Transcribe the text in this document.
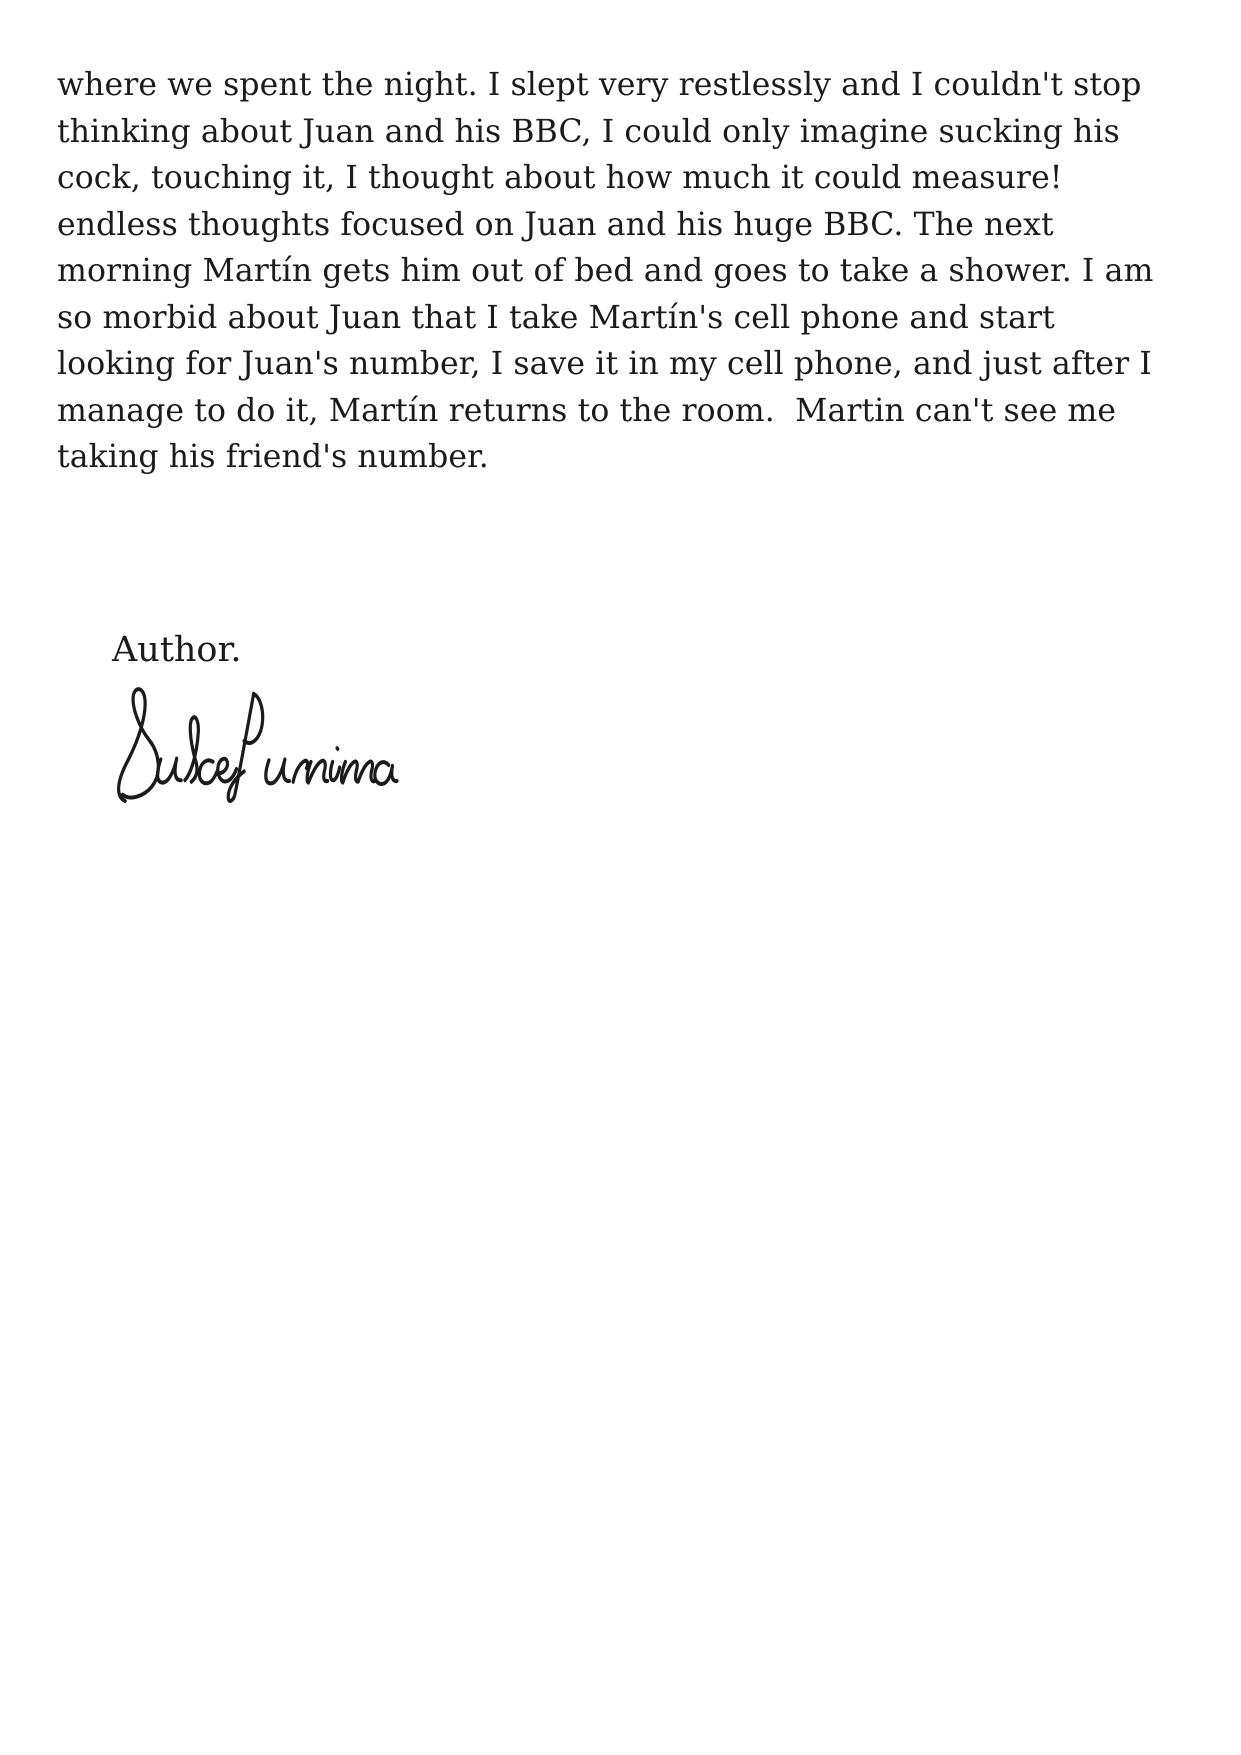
where we spent the night. I slept very restlessly and I couldn't stop
thinking about Juan and his BBC, I could only imagine sucking his
cock, touching it, I thought about how much it could measure!
endless thoughts focused on Juan and his huge BBC. The next
morning Martín gets him out of bed and goes to take a shower. I am
so morbid about Juan that I take Martín's cell phone and start
looking for Juan's number, I save it in my cell phone, and just after I
manage to do it, Martín returns to the room.  Martin can't see me
taking his friend's number.
Author.
